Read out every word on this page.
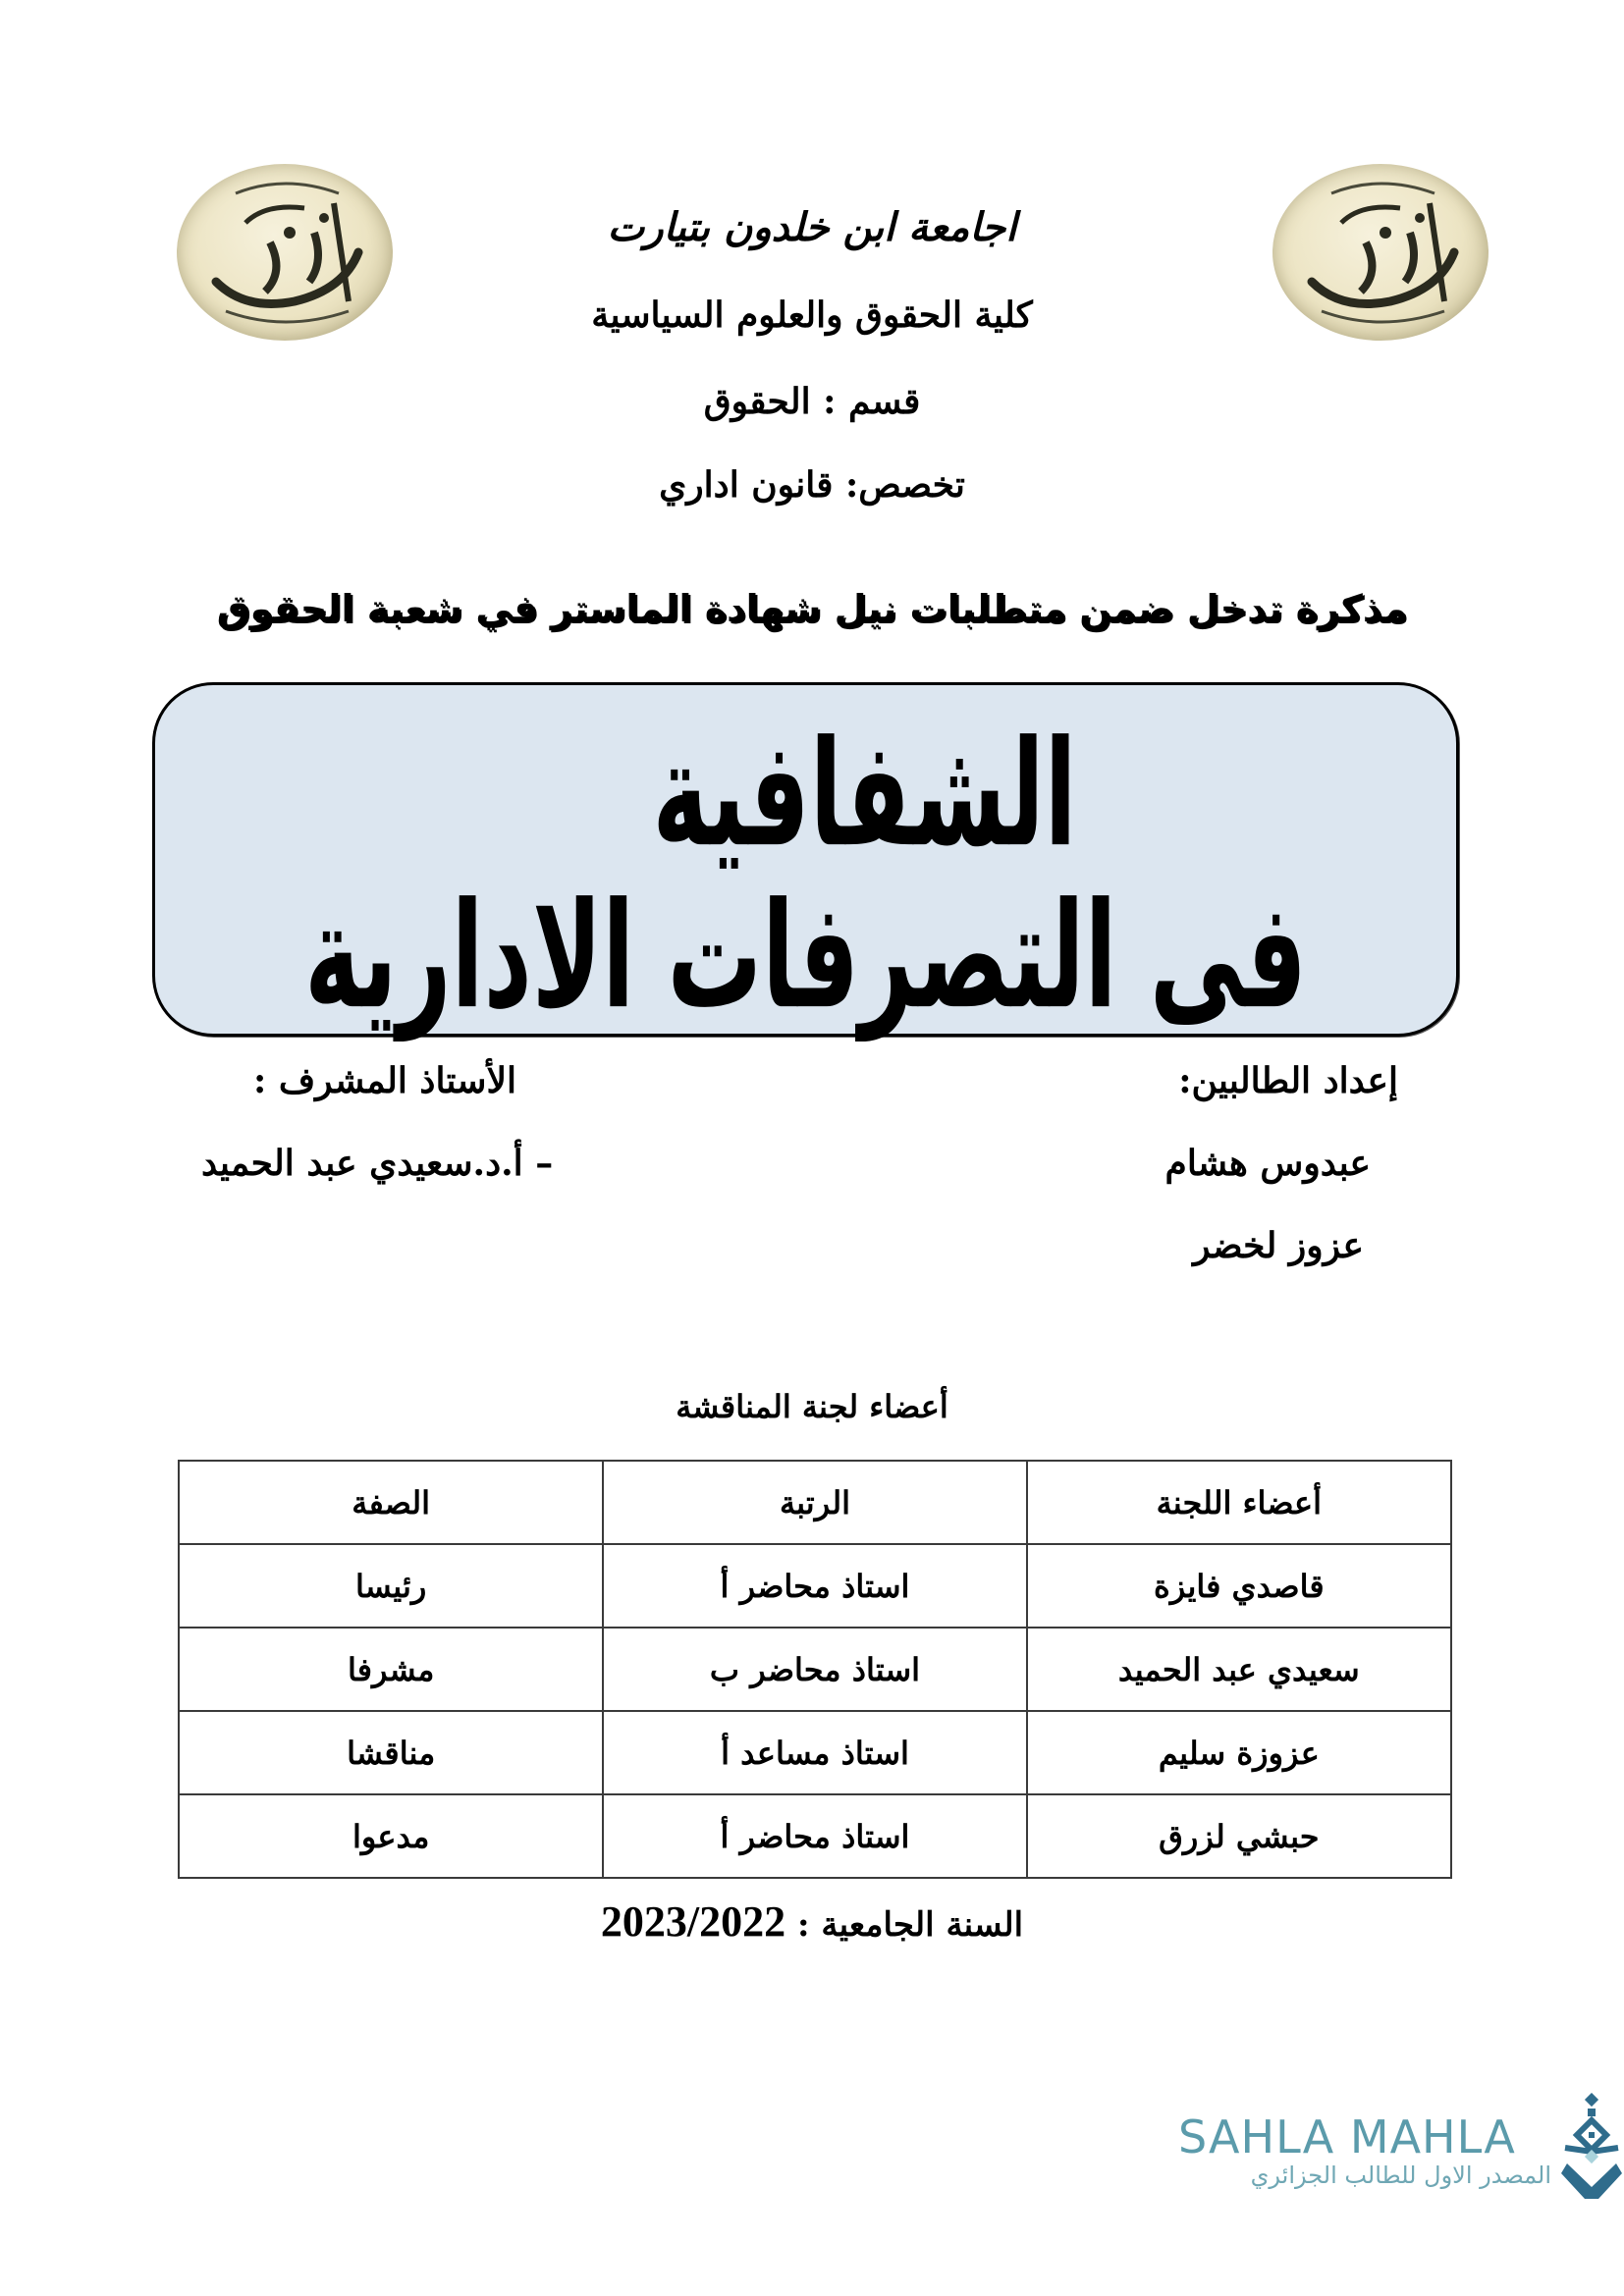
اجامعة ابن خلدون بتيارت
كلية الحقوق والعلوم السياسية
قسم : الحقوق
تخصص: قانون اداري
مذكرة تدخل ضمن متطلبات نيل شهادة الماستر في شعبة الحقوق
الشفافية
فى التصرفات الادارية
إعداد الطالبين:
عبدوس هشام
عزوز لخضر
الأستاذ المشرف :
– أ.د.سعيدي عبد الحميد
أعضاء لجنة المناقشة
أعضاء اللجنة	الرتبة	الصفة
قاصدي فايزة	استاذ محاضر أ	رئيسا
سعيدي عبد الحميد	استاذ محاضر ب	مشرفا
عزوزة سليم	استاذ مساعد أ	مناقشا
حبشي لزرق	استاذ محاضر أ	مدعوا
السنة الجامعية : 2023/2022
SAHLA MAHLA
المصدر الاول للطالب الجزائري
